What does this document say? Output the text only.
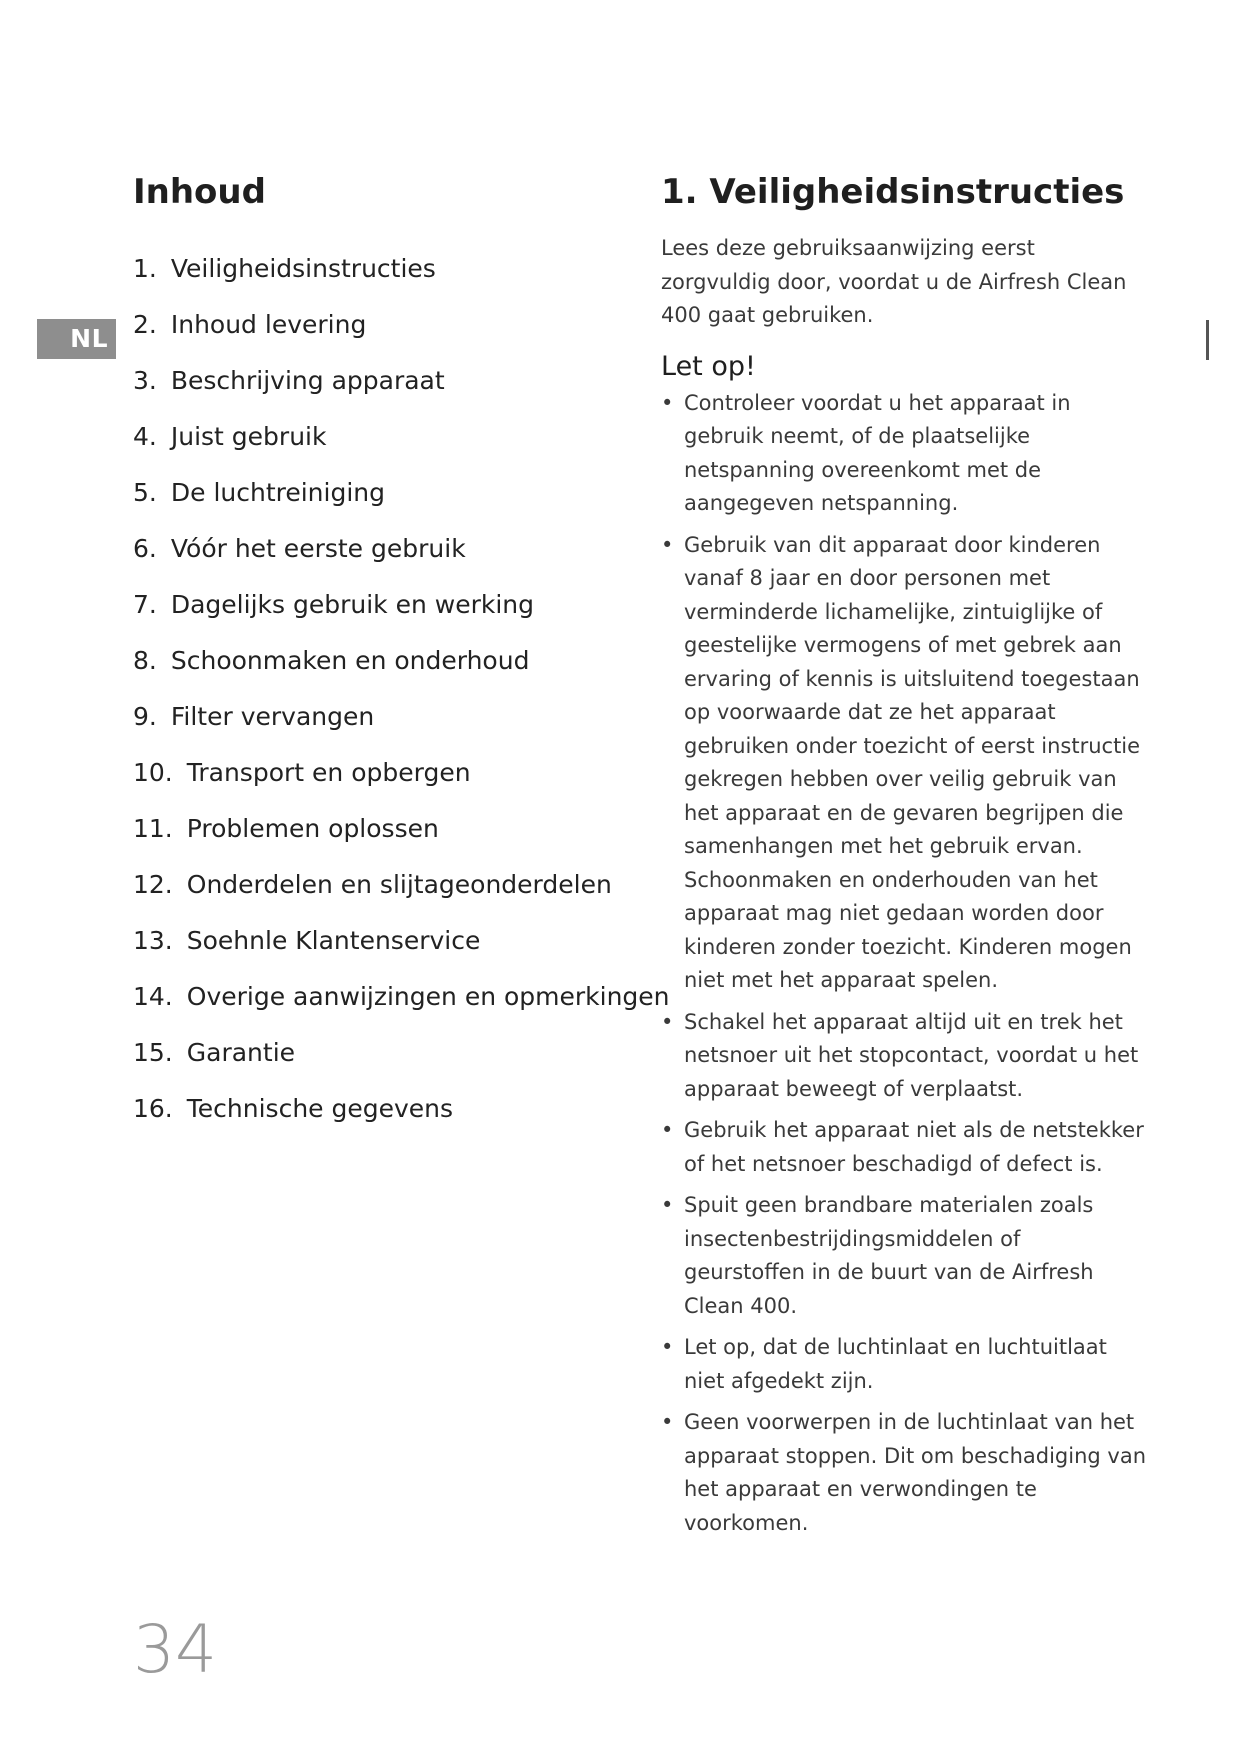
NL
Inhoud
1. Veiligheidsinstructies
2. Inhoud levering
3. Beschrijving apparaat
4. Juist gebruik
5. De luchtreiniging
6. Vóór het eerste gebruik
7. Dagelijks gebruik en werking
8. Schoonmaken en onderhoud
9. Filter vervangen
10. Transport en opbergen
11. Problemen oplossen
12. Onderdelen en slijtageonderdelen
13. Soehnle Klantenservice
14. Overige aanwijzingen en opmerkingen
15. Garantie
16. Technische gegevens
1. Veiligheidsinstructies

Lees deze gebruiksaanwijzing eerst zorgvuldig door, voordat u de Airfresh Clean 400 gaat gebruiken.

Let op!
• Controleer voordat u het apparaat in gebruik neemt, of de plaatselijke netspanning overeenkomt met de aangegeven netspanning.
• Gebruik van dit apparaat door kinderen vanaf 8 jaar en door personen met verminderde lichamelijke, zintuiglijke of geestelijke vermogens of met gebrek aan ervaring of kennis is uitsluitend toegestaan op voorwaarde dat ze het apparaat gebruiken onder toezicht of eerst instructie gekregen hebben over veilig gebruik van het apparaat en de gevaren begrijpen die samenhangen met het gebruik ervan. Schoonmaken en onderhouden van het apparaat mag niet gedaan worden door kinderen zonder toezicht. Kinderen mogen niet met het apparaat spelen.
• Schakel het apparaat altijd uit en trek het netsnoer uit het stopcontact, voordat u het apparaat beweegt of verplaatst.
• Gebruik het apparaat niet als de netstekker of het netsnoer beschadigd of defect is.
• Spuit geen brandbare materialen zoals insectenbestrijdingsmiddelen of geurstoffen in de buurt van de Airfresh Clean 400.
• Let op, dat de luchtinlaat en luchtuitlaat niet afgedekt zijn.
• Geen voorwerpen in de luchtinlaat van het apparaat stoppen. Dit om beschadiging van het apparaat en verwondingen te voorkomen.
34
